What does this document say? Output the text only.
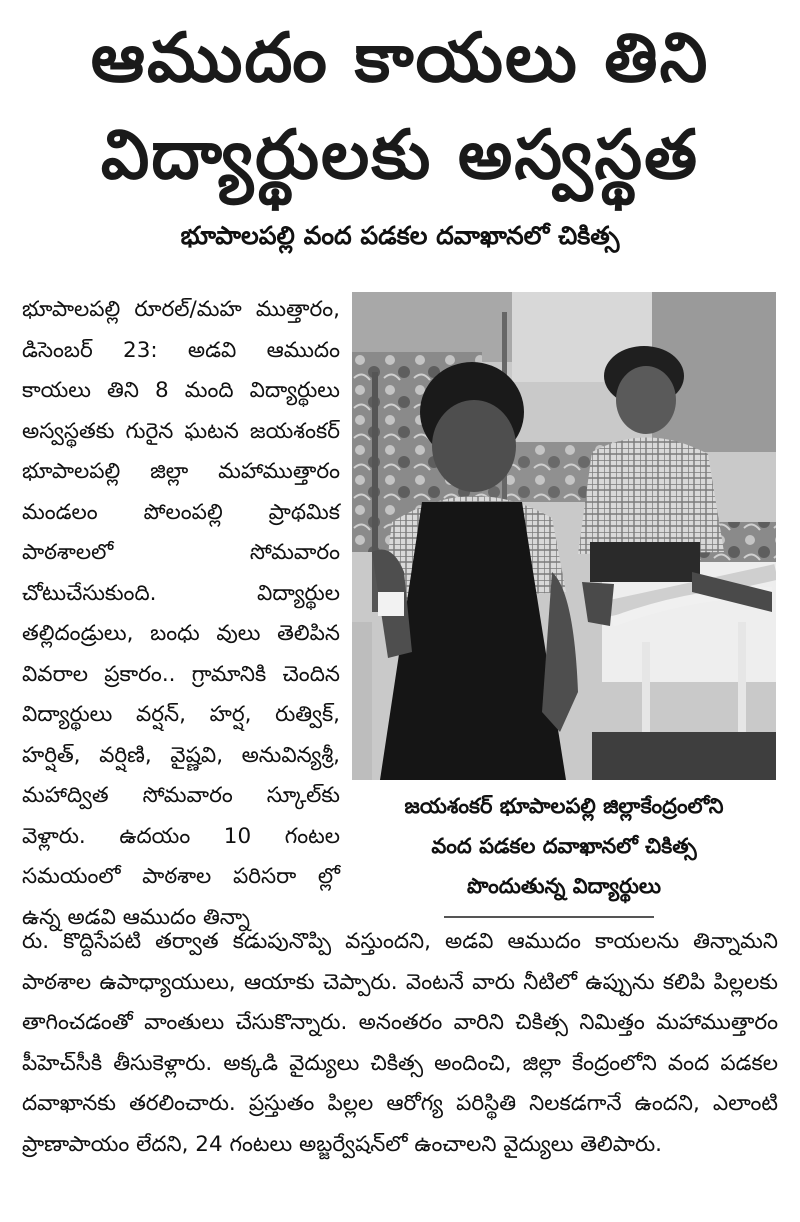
ఆముదం కాయలు తిని
విద్యార్థులకు అస్వస్థత
భూపాలపల్లి వంద పడకల దవాఖానలో చికిత్స

భూపాలపల్లి రూరల్/మహ ముత్తారం, డిసెంబర్ 23: అడవి ఆముదం కాయలు తిని 8 మంది విద్యార్థులు అస్వస్థతకు గురైన ఘటన జయశంకర్ భూపాలపల్లి జిల్లా మహాముత్తారం మండలం పోలంపల్లి ప్రాథమిక పాఠశాలలో సోమవారం చోటుచేసుకుంది. విద్యార్థుల తల్లిదండ్రులు, బంధు వులు తెలిపిన వివరాల ప్రకారం.. గ్రామానికి చెందిన విద్యార్థులు వర్షన్, హర్ష, రుత్విక్, హర్షిత్, వర్షిణి, వైష్ణవి, అనువిన్యశ్రీ, మహాద్విత సోమవారం స్కూల్‌కు వెళ్లారు. ఉదయం 10 గంటల సమయంలో పాఠశాల పరిసరా ల్లో ఉన్న అడవి ఆముదం తిన్నా

జయశంకర్ భూపాలపల్లి జిల్లాకేంద్రంలోని
వంద పడకల దవాఖానలో చికిత్స
పొందుతున్న విద్యార్థులు

రు. కొద్దిసేపటి తర్వాత కడుపునొప్పి వస్తుందని, అడవి ఆముదం కాయలను తిన్నామని పాఠశాల ఉపాధ్యాయులు, ఆయాకు చెప్పారు. వెంటనే వారు నీటిలో ఉప్పును కలిపి పిల్లలకు తాగించడంతో వాంతులు చేసుకొన్నారు. అనంతరం వారిని చికిత్స నిమిత్తం మహాముత్తారం పీహెచ్‌సీకి తీసుకెళ్లారు. అక్కడి వైద్యులు చికిత్స అందించి, జిల్లా కేంద్రంలోని వంద పడకల దవాఖానకు తరలించారు. ప్రస్తుతం పిల్లల ఆరోగ్య పరిస్థితి నిలకడగానే ఉందని, ఎలాంటి ప్రాణాపాయం లేదని, 24 గంటలు అబ్జర్వేషన్‌లో ఉంచాలని వైద్యులు తెలిపారు.
